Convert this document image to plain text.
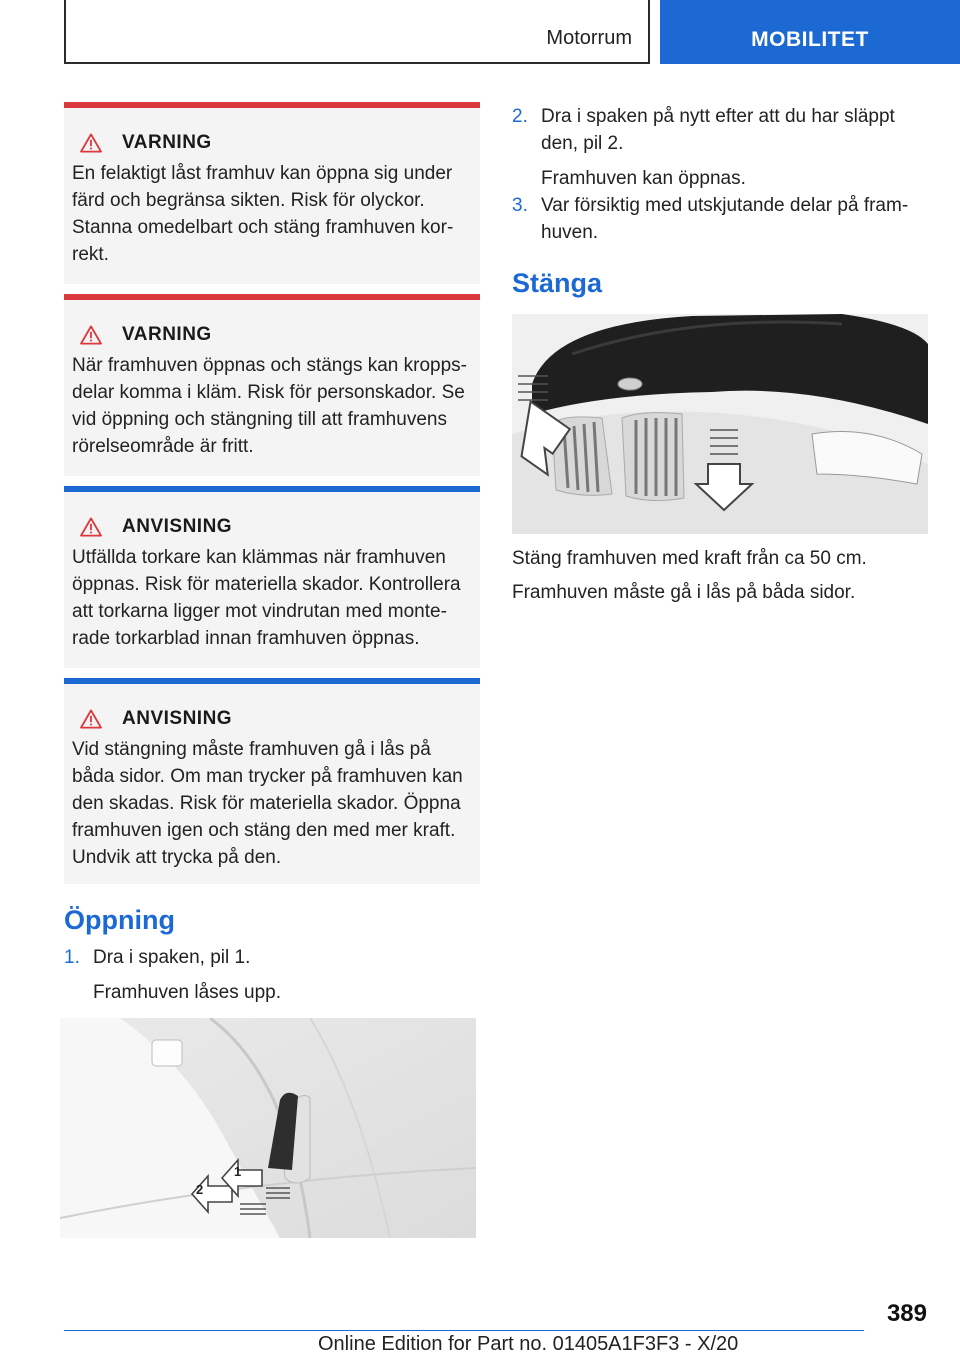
Motorrum	MOBILITET
VARNING
En felaktigt låst framhuv kan öppna sig under färd och begränsa sikten. Risk för olyckor. Stanna omedelbart och stäng framhuven korrekt.
VARNING
När framhuven öppnas och stängs kan kroppsdelar komma i kläm. Risk för personskador. Se vid öppning och stängning till att framhuvens rörelseområde är fritt.
ANVISNING
Utfällda torkare kan klämmas när framhuven öppnas. Risk för materiella skador. Kontrollera att torkarna ligger mot vindrutan med monterade torkarblad innan framhuven öppnas.
ANVISNING
Vid stängning måste framhuven gå i lås på båda sidor. Om man trycker på framhuven kan den skadas. Risk för materiella skador. Öppna framhuven igen och stäng den med mer kraft. Undvik att trycka på den.
Öppning
1. Dra i spaken, pil 1.
Framhuven låses upp.
2
1
2. Dra i spaken på nytt efter att du har släppt den, pil 2.
Framhuven kan öppnas.
3. Var försiktig med utskjutande delar på framhuven.
Stänga
Stäng framhuven med kraft från ca 50 cm.
Framhuven måste gå i lås på båda sidor.
389
Online Edition for Part no. 01405A1F3F3 - X/20
